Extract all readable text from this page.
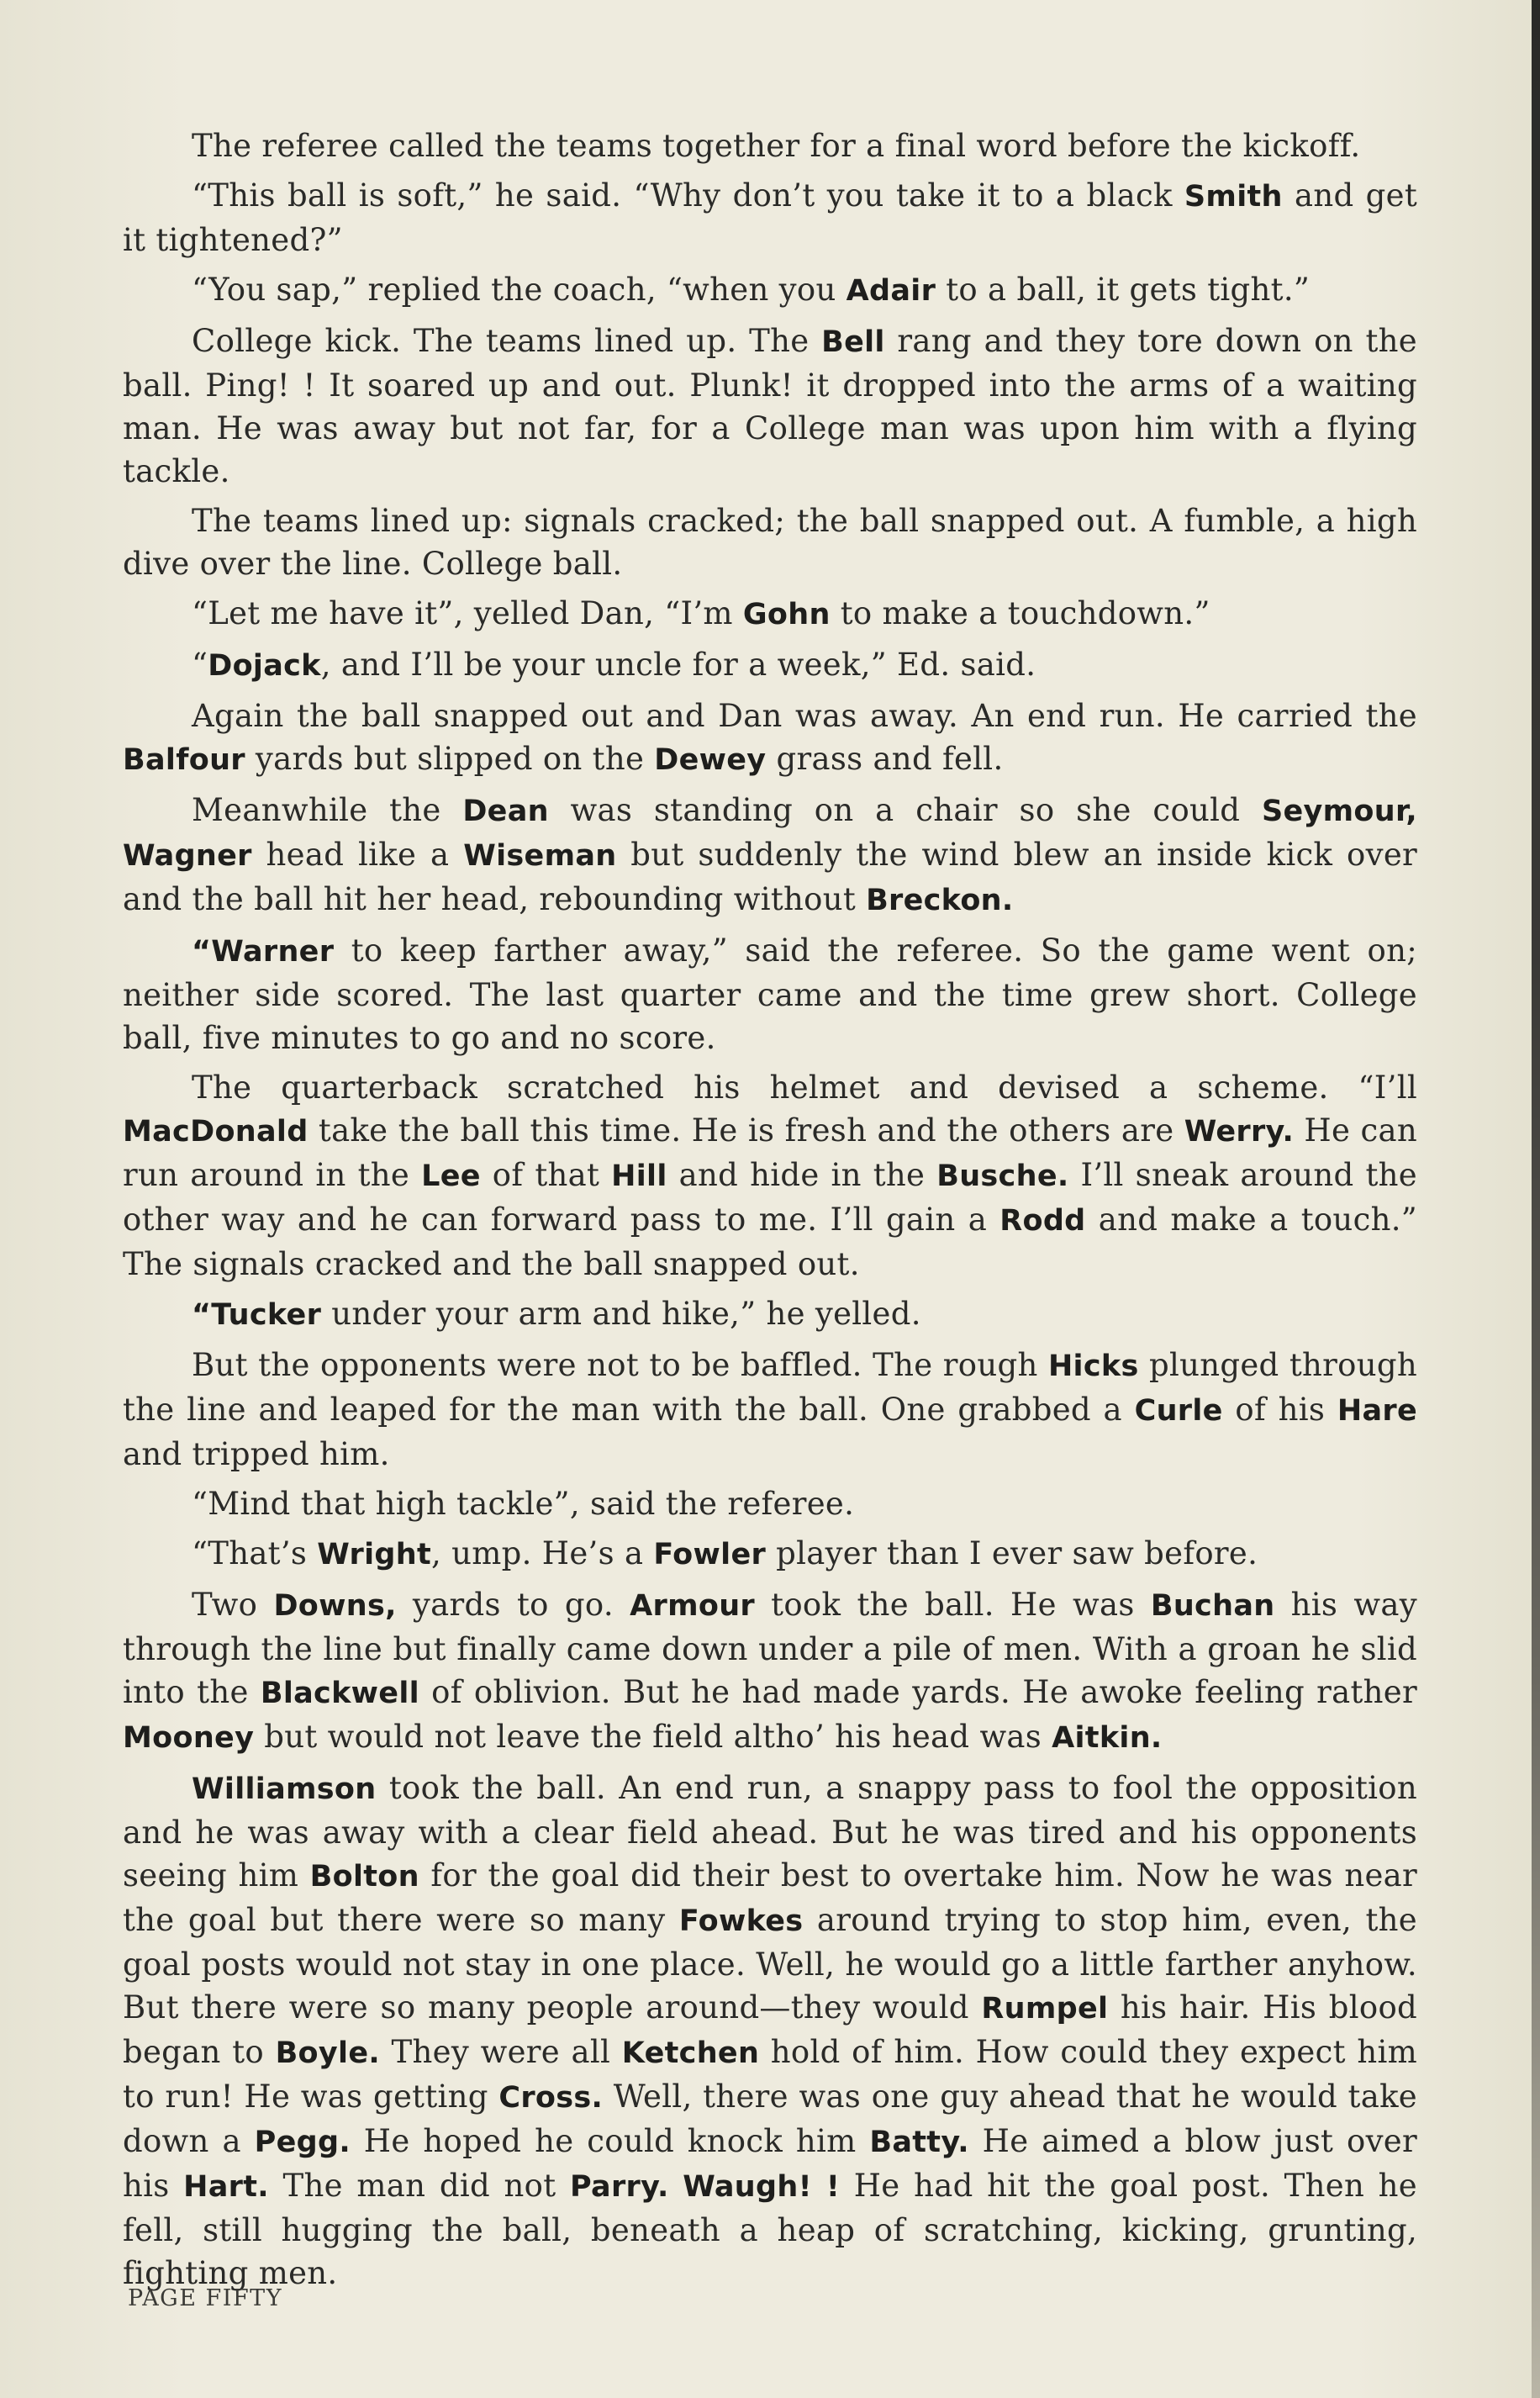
The referee called the teams together for a final word before the kickoff.

“This ball is soft,” he said. “Why don’t you take it to a black Smith and get it tightened?”

“You sap,” replied the coach, “when you Adair to a ball, it gets tight.”

College kick. The teams lined up. The Bell rang and they tore down on the ball. Ping! ! It soared up and out. Plunk! it dropped into the arms of a waiting man. He was away but not far, for a College man was upon him with a flying tackle.

The teams lined up: signals cracked; the ball snapped out. A fumble, a high dive over the line. College ball.

“Let me have it”, yelled Dan, “I’m Gohn to make a touchdown.”

“Dojack, and I’ll be your uncle for a week,” Ed. said.

Again the ball snapped out and Dan was away. An end run. He carried the Balfour yards but slipped on the Dewey grass and fell.

Meanwhile the Dean was standing on a chair so she could Seymour, Wagner head like a Wiseman but suddenly the wind blew an inside kick over and the ball hit her head, rebounding without Breckon.

“Warner to keep farther away,” said the referee. So the game went on; neither side scored. The last quarter came and the time grew short. College ball, five minutes to go and no score.

The quarterback scratched his helmet and devised a scheme. “I’ll MacDonald take the ball this time. He is fresh and the others are Werry. He can run around in the Lee of that Hill and hide in the Busche. I’ll sneak around the other way and he can forward pass to me. I’ll gain a Rodd and make a touch.” The signals cracked and the ball snapped out.

“Tucker under your arm and hike,” he yelled.

But the opponents were not to be baffled. The rough Hicks plunged through the line and leaped for the man with the ball. One grabbed a Curle of his Hare and tripped him.

“Mind that high tackle”, said the referee.

“That’s Wright, ump. He’s a Fowler player than I ever saw before.

Two Downs, yards to go. Armour took the ball. He was Buchan his way through the line but finally came down under a pile of men. With a groan he slid into the Blackwell of oblivion. But he had made yards. He awoke feeling rather Mooney but would not leave the field altho’ his head was Aitkin.

Williamson took the ball. An end run, a snappy pass to fool the opposition and he was away with a clear field ahead. But he was tired and his opponents seeing him Bolton for the goal did their best to overtake him. Now he was near the goal but there were so many Fowkes around trying to stop him, even, the goal posts would not stay in one place. Well, he would go a little farther anyhow. But there were so many people around—they would Rumpel his hair. His blood began to Boyle. They were all Ketchen hold of him. How could they expect him to run! He was getting Cross. Well, there was one guy ahead that he would take down a Pegg. He hoped he could knock him Batty. He aimed a blow just over his Hart. The man did not Parry. Waugh! ! He had hit the goal post. Then he fell, still hugging the ball, beneath a heap of scratching, kicking, grunting, fighting men.

PAGE FIFTY
